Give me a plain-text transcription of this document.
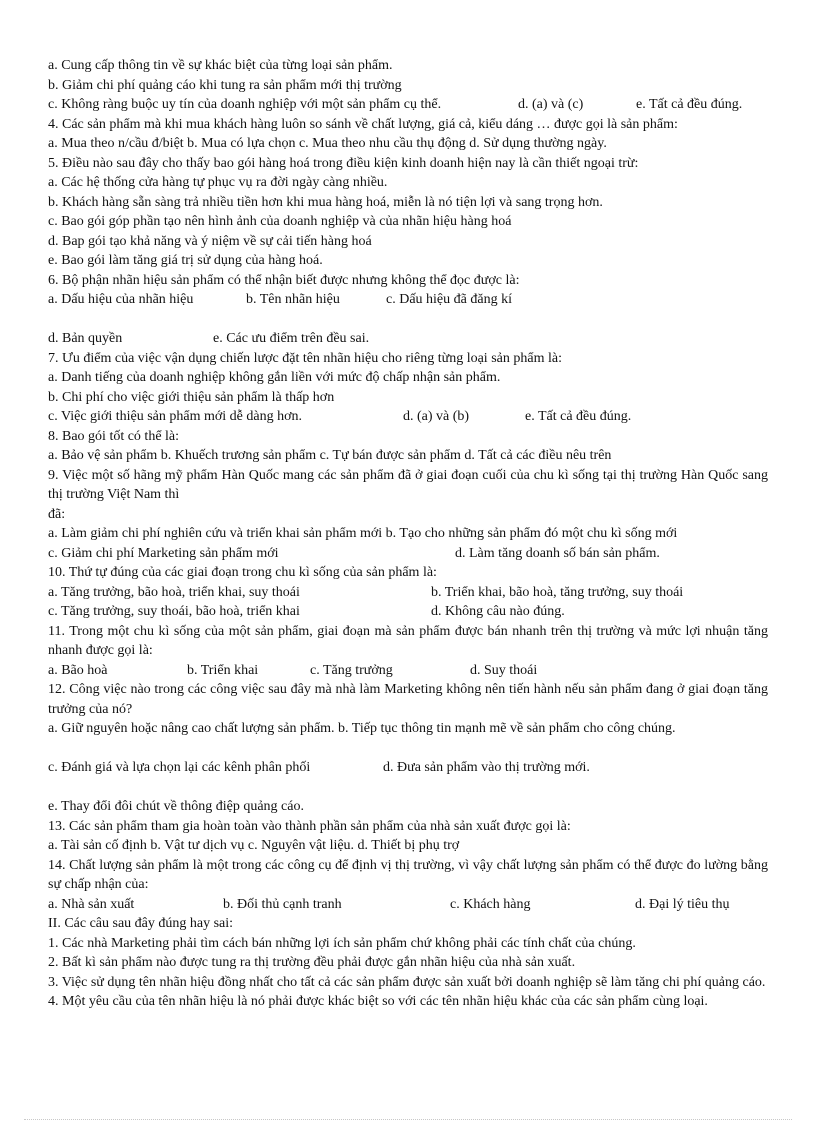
a. Cung cấp thông tin về sự khác biệt của từng loại sản phẩm.
b. Giảm chi phí quảng cáo khi tung ra sản phẩm mới thị trường
c. Không ràng buộc uy tín của doanh nghiệp với một sản phẩm cụ thể.	d. (a) và (c)	e. Tất cả đều đúng.
4. Các sản phẩm mà khi mua khách hàng luôn so sánh về chất lượng, giá cả, kiểu dáng … được gọi là sản phẩm:
a. Mua theo n/cầu đ/biệt b. Mua có lựa chọn c. Mua theo nhu cầu thụ động d. Sử dụng thường ngày.
5. Điều nào sau đây cho thấy bao gói hàng hoá trong điều kiện kinh doanh hiện nay là cần thiết ngoại trừ:
a. Các hệ thống cửa hàng tự phục vụ ra đời ngày càng nhiều.
b. Khách hàng sẵn sàng trả nhiều tiền hơn khi mua hàng hoá, miễn là nó tiện lợi và sang trọng hơn.
c. Bao gói góp phần tạo nên hình ảnh của doanh nghiệp và của nhãn hiệu hàng hoá
d. Bap gói tạo khả năng và ý niệm về sự cải tiến hàng hoá
e. Bao gói làm tăng giá trị sử dụng của hàng hoá.
6. Bộ phận nhãn hiệu sản phẩm có thể nhận biết được nhưng không thể đọc được là:
a. Dấu hiệu của nhãn hiệu	b. Tên nhãn hiệu	c. Dấu hiệu đã đăng kí
d. Bản quyền	e. Các ưu điểm trên đều sai.
7. Ưu điểm của việc vận dụng chiến lược đặt tên nhãn hiệu cho riêng từng loại sản phẩm là:
a. Danh tiếng của doanh nghiệp không gắn liền với mức độ chấp nhận sản phẩm.
b. Chi phí cho việc giới thiệu sản phẩm là thấp hơn
c. Việc giới thiệu sản phẩm mới dễ dàng hơn.	d. (a) và (b)	e. Tất cả đều đúng.
8. Bao gói tốt có thể là:
a. Bảo vệ sản phẩm b. Khuếch trương sản phẩm c. Tự bán được sản phẩm d. Tất cả các điều nêu trên
9. Việc một số hãng mỹ phẩm Hàn Quốc mang các sản phẩm đã ở giai đoạn cuối của chu kì sống tại thị trường Hàn Quốc sang thị trường Việt Nam thì
đã:
a. Làm giảm chi phí nghiên cứu và triển khai sản phẩm mới b. Tạo cho những sản phẩm đó một chu kì sống mới
c. Giảm chi phí Marketing sản phẩm mới	d. Làm tăng doanh số bán sản phẩm.
10. Thứ tự đúng của các giai đoạn trong chu kì sống của sản phẩm là:
a. Tăng trưởng, bão hoà, triển khai, suy thoái	b. Triển khai, bão hoà, tăng trưởng, suy thoái
c. Tăng trưởng, suy thoái, bão hoà, triển khai	d. Không câu nào đúng.
11. Trong một chu kì sống của một sản phẩm, giai đoạn mà sản phẩm được bán nhanh trên thị trường và mức lợi nhuận tăng nhanh được gọi là:
a. Bão hoà	b. Triển khai	c. Tăng trưởng	d. Suy thoái
12. Công việc nào trong các công việc sau đây mà nhà làm Marketing không nên tiến hành nếu sản phẩm đang ở giai đoạn tăng trưởng của nó?
a. Giữ nguyên hoặc nâng cao chất lượng sản phẩm. b. Tiếp tục thông tin mạnh mẽ về sản phẩm cho công chúng.
c. Đánh giá và lựa chọn lại các kênh phân phối	d. Đưa sản phẩm vào thị trường mới.
e. Thay đổi đôi chút về thông điệp quảng cáo.
13. Các sản phẩm tham gia hoàn toàn vào thành phần sản phẩm của nhà sản xuất được gọi là:
a. Tài sản cố định b. Vật tư dịch vụ c. Nguyên vật liệu. d. Thiết bị phụ trợ
14. Chất lượng sản phẩm là một trong các công cụ để định vị thị trường, vì vậy chất lượng sản phẩm có thể được đo lường bằng sự chấp nhận của:
a. Nhà sản xuất	b. Đối thủ cạnh tranh	c. Khách hàng	d. Đại lý tiêu thụ
II. Các câu sau đây đúng hay sai:
1. Các nhà Marketing phải tìm cách bán những lợi ích sản phẩm chứ không phải các tính chất của chúng.
2. Bất kì sản phẩm nào được tung ra thị trường đều phải được gắn nhãn hiệu của nhà sản xuất.
3. Việc sử dụng tên nhãn hiệu đồng nhất cho tất cả các sản phẩm được sản xuất bởi doanh nghiệp sẽ làm tăng chi phí quảng cáo.
4. Một yêu cầu của tên nhãn hiệu là nó phải được khác biệt so với các tên nhãn hiệu khác của các sản phẩm cùng loại.
